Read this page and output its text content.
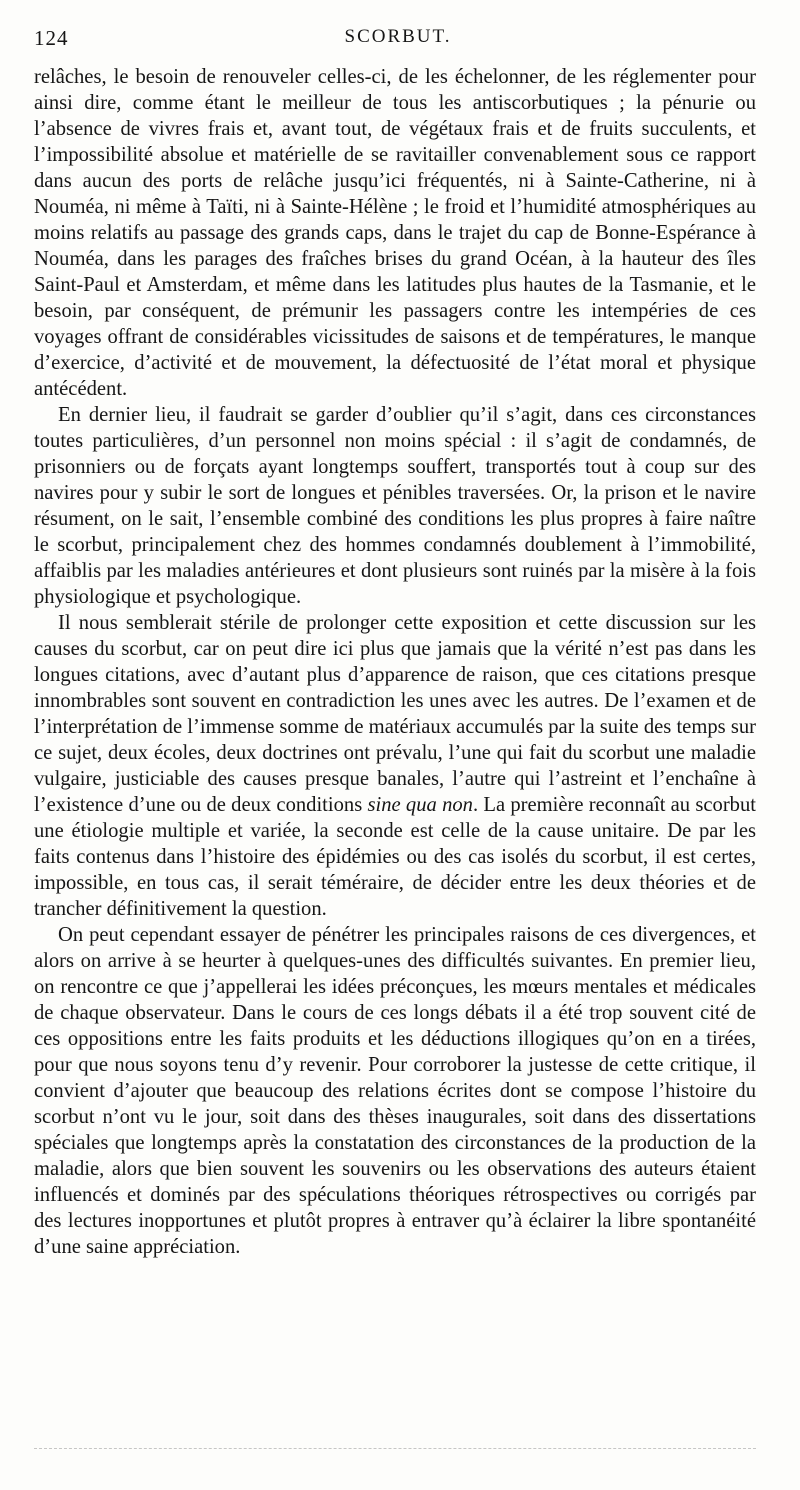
124	SCORBUT.

relâches, le besoin de renouveler celles-ci, de les échelonner, de les réglementer pour ainsi dire, comme étant le meilleur de tous les antiscorbutiques ; la pénurie ou l’absence de vivres frais et, avant tout, de végétaux frais et de fruits succulents, et l’impossibilité absolue et matérielle de se ravitailler convenablement sous ce rapport dans aucun des ports de relâche jusqu’ici fréquentés, ni à Sainte-Catherine, ni à Nouméa, ni même à Taïti, ni à Sainte-Hélène ; le froid et l’humidité atmosphériques au moins relatifs au passage des grands caps, dans le trajet du cap de Bonne-Espérance à Nouméa, dans les parages des fraîches brises du grand Océan, à la hauteur des îles Saint-Paul et Amsterdam, et même dans les latitudes plus hautes de la Tasmanie, et le besoin, par conséquent, de prémunir les passagers contre les intempéries de ces voyages offrant de considérables vicissitudes de saisons et de températures, le manque d’exercice, d’activité et de mouvement, la défectuosité de l’état moral et physique antécédent.

En dernier lieu, il faudrait se garder d’oublier qu’il s’agit, dans ces circonstances toutes particulières, d’un personnel non moins spécial : il s’agit de condamnés, de prisonniers ou de forçats ayant longtemps souffert, transportés tout à coup sur des navires pour y subir le sort de longues et pénibles traversées. Or, la prison et le navire résument, on le sait, l’ensemble combiné des conditions les plus propres à faire naître le scorbut, principalement chez des hommes condamnés doublement à l’immobilité, affaiblis par les maladies antérieures et dont plusieurs sont ruinés par la misère à la fois physiologique et psychologique.

Il nous semblerait stérile de prolonger cette exposition et cette discussion sur les causes du scorbut, car on peut dire ici plus que jamais que la vérité n’est pas dans les longues citations, avec d’autant plus d’apparence de raison, que ces citations presque innombrables sont souvent en contradiction les unes avec les autres. De l’examen et de l’interprétation de l’immense somme de matériaux accumulés par la suite des temps sur ce sujet, deux écoles, deux doctrines ont prévalu, l’une qui fait du scorbut une maladie vulgaire, justiciable des causes presque banales, l’autre qui l’astreint et l’enchaîne à l’existence d’une ou de deux conditions sine qua non. La première reconnaît au scorbut une étiologie multiple et variée, la seconde est celle de la cause unitaire. De par les faits contenus dans l’histoire des épidémies ou des cas isolés du scorbut, il est certes, impossible, en tous cas, il serait téméraire, de décider entre les deux théories et de trancher définitivement la question.

On peut cependant essayer de pénétrer les principales raisons de ces divergences, et alors on arrive à se heurter à quelques-unes des difficultés suivantes. En premier lieu, on rencontre ce que j’appellerai les idées préconçues, les mœurs mentales et médicales de chaque observateur. Dans le cours de ces longs débats il a été trop souvent cité de ces oppositions entre les faits produits et les déductions illogiques qu’on en a tirées, pour que nous soyons tenu d’y revenir. Pour corroborer la justesse de cette critique, il convient d’ajouter que beaucoup des relations écrites dont se compose l’histoire du scorbut n’ont vu le jour, soit dans des thèses inaugurales, soit dans des dissertations spéciales que longtemps après la constatation des circonstances de la production de la maladie, alors que bien souvent les souvenirs ou les observations des auteurs étaient influencés et dominés par des spéculations théoriques rétrospectives ou corrigés par des lectures inopportunes et plutôt propres à entraver qu’à éclairer la libre spontanéité d’une saine appréciation.
